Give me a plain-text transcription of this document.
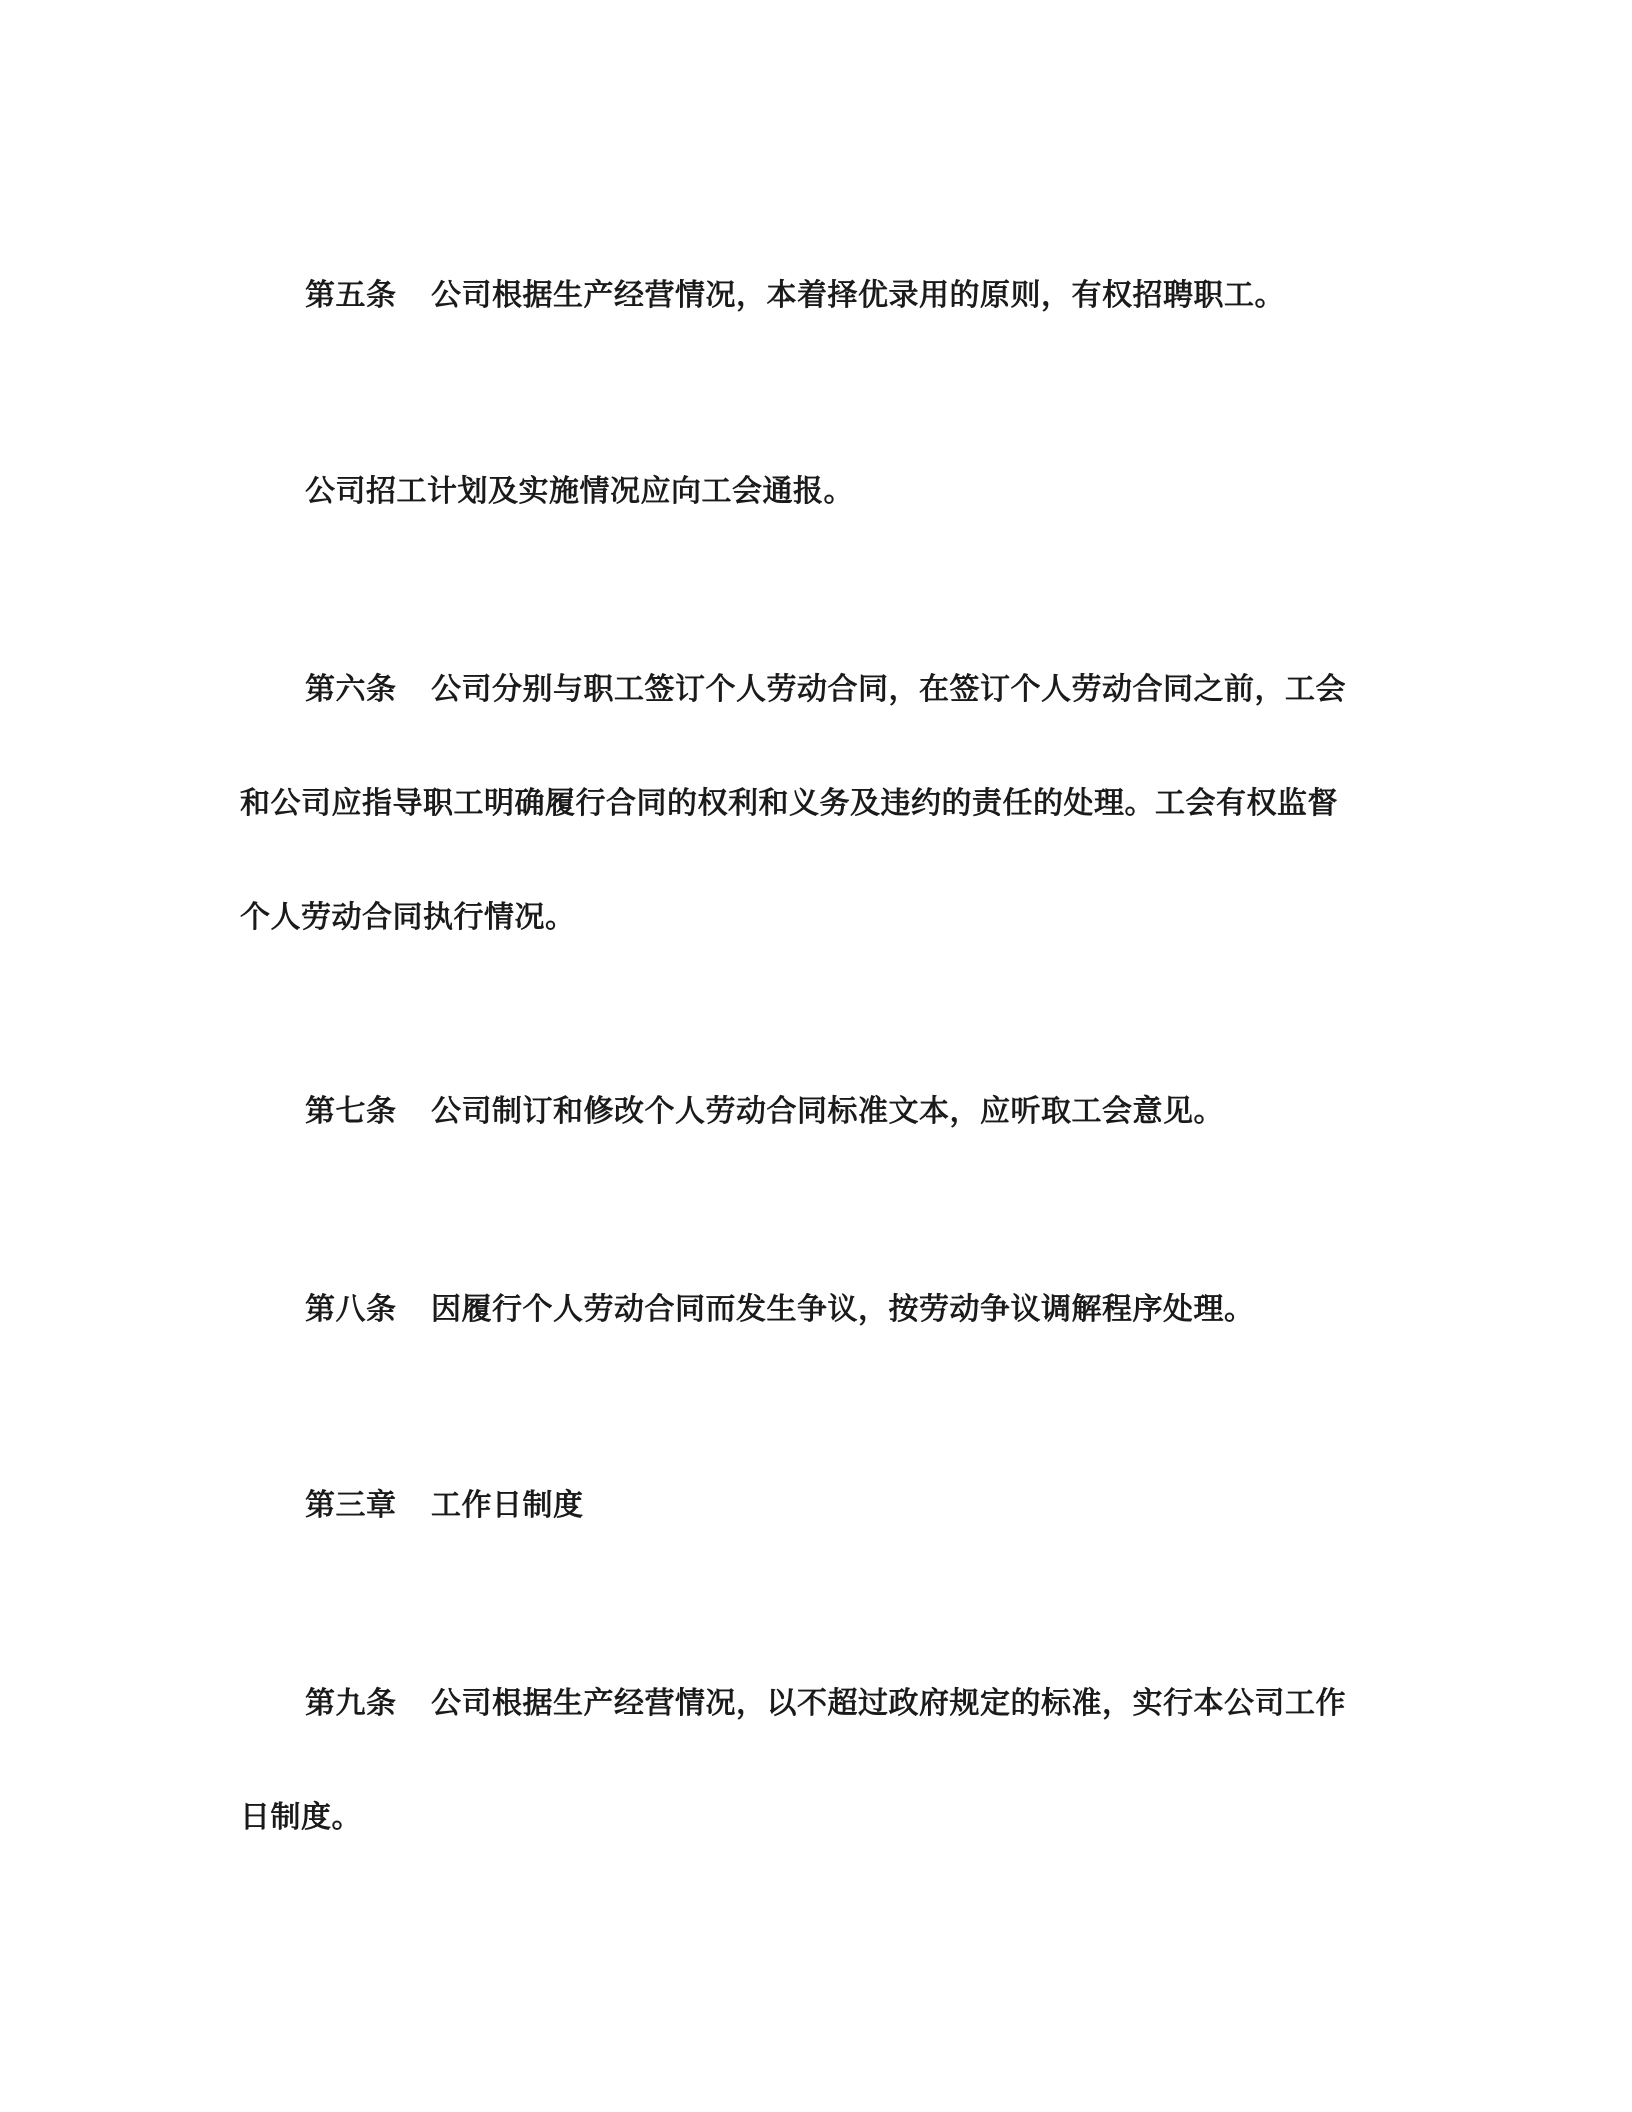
第五条 公司根据生产经营情况，本着择优录用的原则，有权招聘职工。
公司招工计划及实施情况应向工会通报。
第六条 公司分别与职工签订个人劳动合同，在签订个人劳动合同之前，工会
和公司应指导职工明确履行合同的权利和义务及违约的责任的处理。工会有权监督
个人劳动合同执行情况。
第七条 公司制订和修改个人劳动合同标准文本，应听取工会意见。
第八条 因履行个人劳动合同而发生争议，按劳动争议调解程序处理。
第三章 工作日制度
第九条 公司根据生产经营情况，以不超过政府规定的标准，实行本公司工作
日制度。
